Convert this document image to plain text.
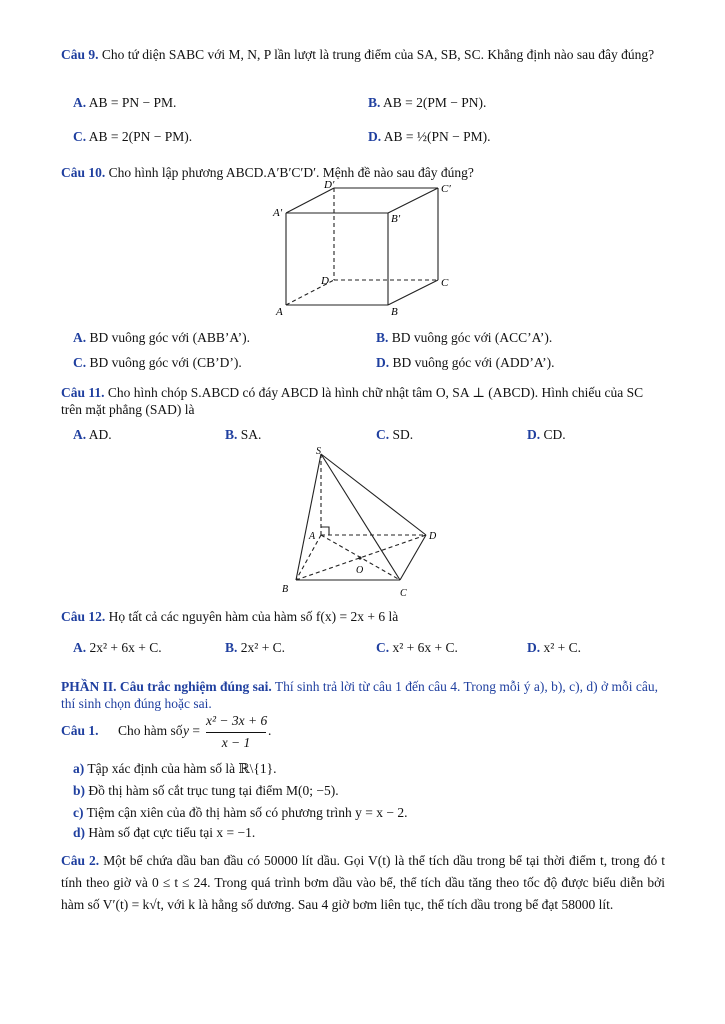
Câu 9. Cho tứ diện SABC với M, N, P lần lượt là trung điểm của SA, SB, SC. Khẳng định nào sau đây đúng?
A. AB = PN − PM.	B. AB = 2(PM − PN).
C. AB = 2(PN − PM).	D. AB = ½(PN − PM).
Câu 10. Cho hình lập phương ABCD.A′B′C′D′. Mệnh đề nào sau đây đúng?
A′
D′	C′
B′
D	C
A	B
A. BD vuông góc với (ABB’A’).	B. BD vuông góc với (ACC’A’).
C. BD vuông góc với (CB’D’).	D. BD vuông góc với (ADD’A’).
Câu 11. Cho hình chóp S.ABCD có đáy ABCD là hình chữ nhật tâm O, SA ⊥ (ABCD). Hình chiếu của SC trên mặt phẳng (SAD) là
A. AD.	B. SA.	C. SD.	D. CD.
S
A	D
O
B	C
Câu 12. Họ tất cả các nguyên hàm của hàm số f(x) = 2x + 6 là
A. 2x² + 6x + C.	B. 2x² + C.	C. x² + 6x + C.	D. x² + C.
PHẦN II. Câu trắc nghiệm đúng sai. Thí sinh trả lời từ câu 1 đến câu 4. Trong mỗi ý a), b), c), d) ở mỗi câu, thí sinh chọn đúng hoặc sai.
Câu 1. Cho hàm số y =
x² − 3x + 6
x − 1
.
a) Tập xác định của hàm số là ℝ\{1}.
b) Đồ thị hàm số cắt trục tung tại điểm M(0; −5).
c) Tiệm cận xiên của đồ thị hàm số có phương trình y = x − 2.
d) Hàm số đạt cực tiểu tại x = −1.
Câu 2. Một bể chứa dầu ban đầu có 50000 lít dầu. Gọi V(t) là thể tích dầu trong bể tại thời điểm t, trong đó t tính theo giờ và 0 ≤ t ≤ 24. Trong quá trình bơm dầu vào bể, thể tích dầu tăng theo tốc độ được biểu diễn bởi hàm số V′(t) = k√t, với k là hằng số dương. Sau 4 giờ bơm liên tục, thể tích dầu trong bể đạt 58000 lít.
